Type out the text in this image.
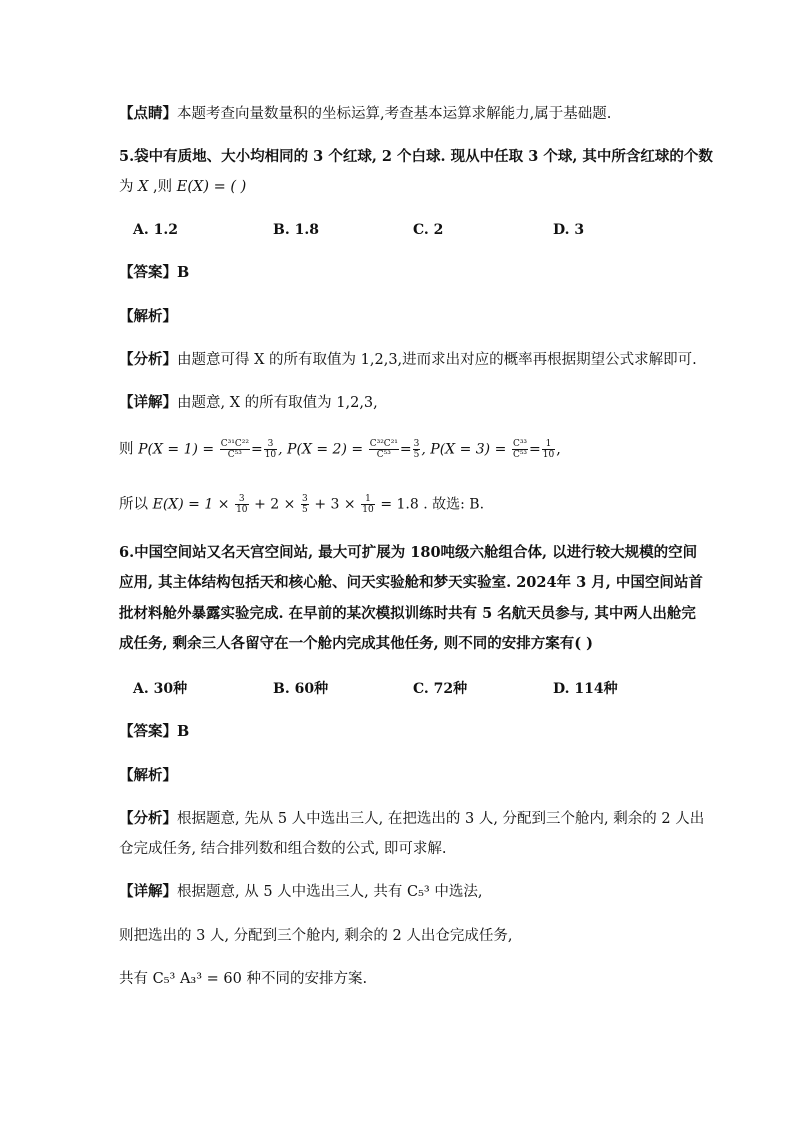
【点睛】本题考查向量数量积的坐标运算,考查基本运算求解能力,属于基础题.
5.袋中有质地、大小均相同的 3 个红球, 2 个白球. 现从中任取 3 个球, 其中所含红球的个数
为 X ,则 E(X) = ( )
A. 1.2	B. 1.8	C. 2	D. 3
【答案】B
【解析】
【分析】由题意可得 X 的所有取值为 1,2,3,进而求出对应的概率再根据期望公式求解即可.
【详解】由题意, X 的所有取值为 1,2,3,
则 $P(X = 1) = \frac{\text{C³¹C²²}}{\text{C⁵³}} = \frac{3}{10}$ , $P(X = 2) = \frac{\text{C³²C²¹}}{\text{C⁵³}} = \frac{3}{5}$ , $P(X = 3) = \frac{\text{C³³}}{\text{C⁵³}} = \frac{1}{10}$ ,
所以 $E(X) = 1 \times \frac{3}{10} + 2 \times \frac{3}{5} + 3 \times \frac{1}{10} = 1.8$ . 故选: B.
6.中国空间站又名天宫空间站, 最大可扩展为 180吨级六舱组合体, 以进行较大规模的空间
应用, 其主体结构包括天和核心舱、问天实验舱和梦天实验室. 2024年 3 月, 中国空间站首
批材料舱外暴露实验完成. 在早前的某次模拟训练时共有 5 名航天员参与, 其中两人出舱完
成任务, 剩余三人各留守在一个舱内完成其他任务, 则不同的安排方案有( )
A. 30种	B. 60种	C. 72种	D. 114种
【答案】B
【解析】
【分析】根据题意, 先从 5 人中选出三人, 在把选出的 3 人, 分配到三个舱内, 剩余的 2 人出
仓完成任务, 结合排列数和组合数的公式, 即可求解.
【详解】根据题意, 从 5 人中选出三人, 共有 C₅³ 中选法,
则把选出的 3 人, 分配到三个舱内, 剩余的 2 人出仓完成任务,
共有 C₅³ A₃³ = 60 种不同的安排方案.
